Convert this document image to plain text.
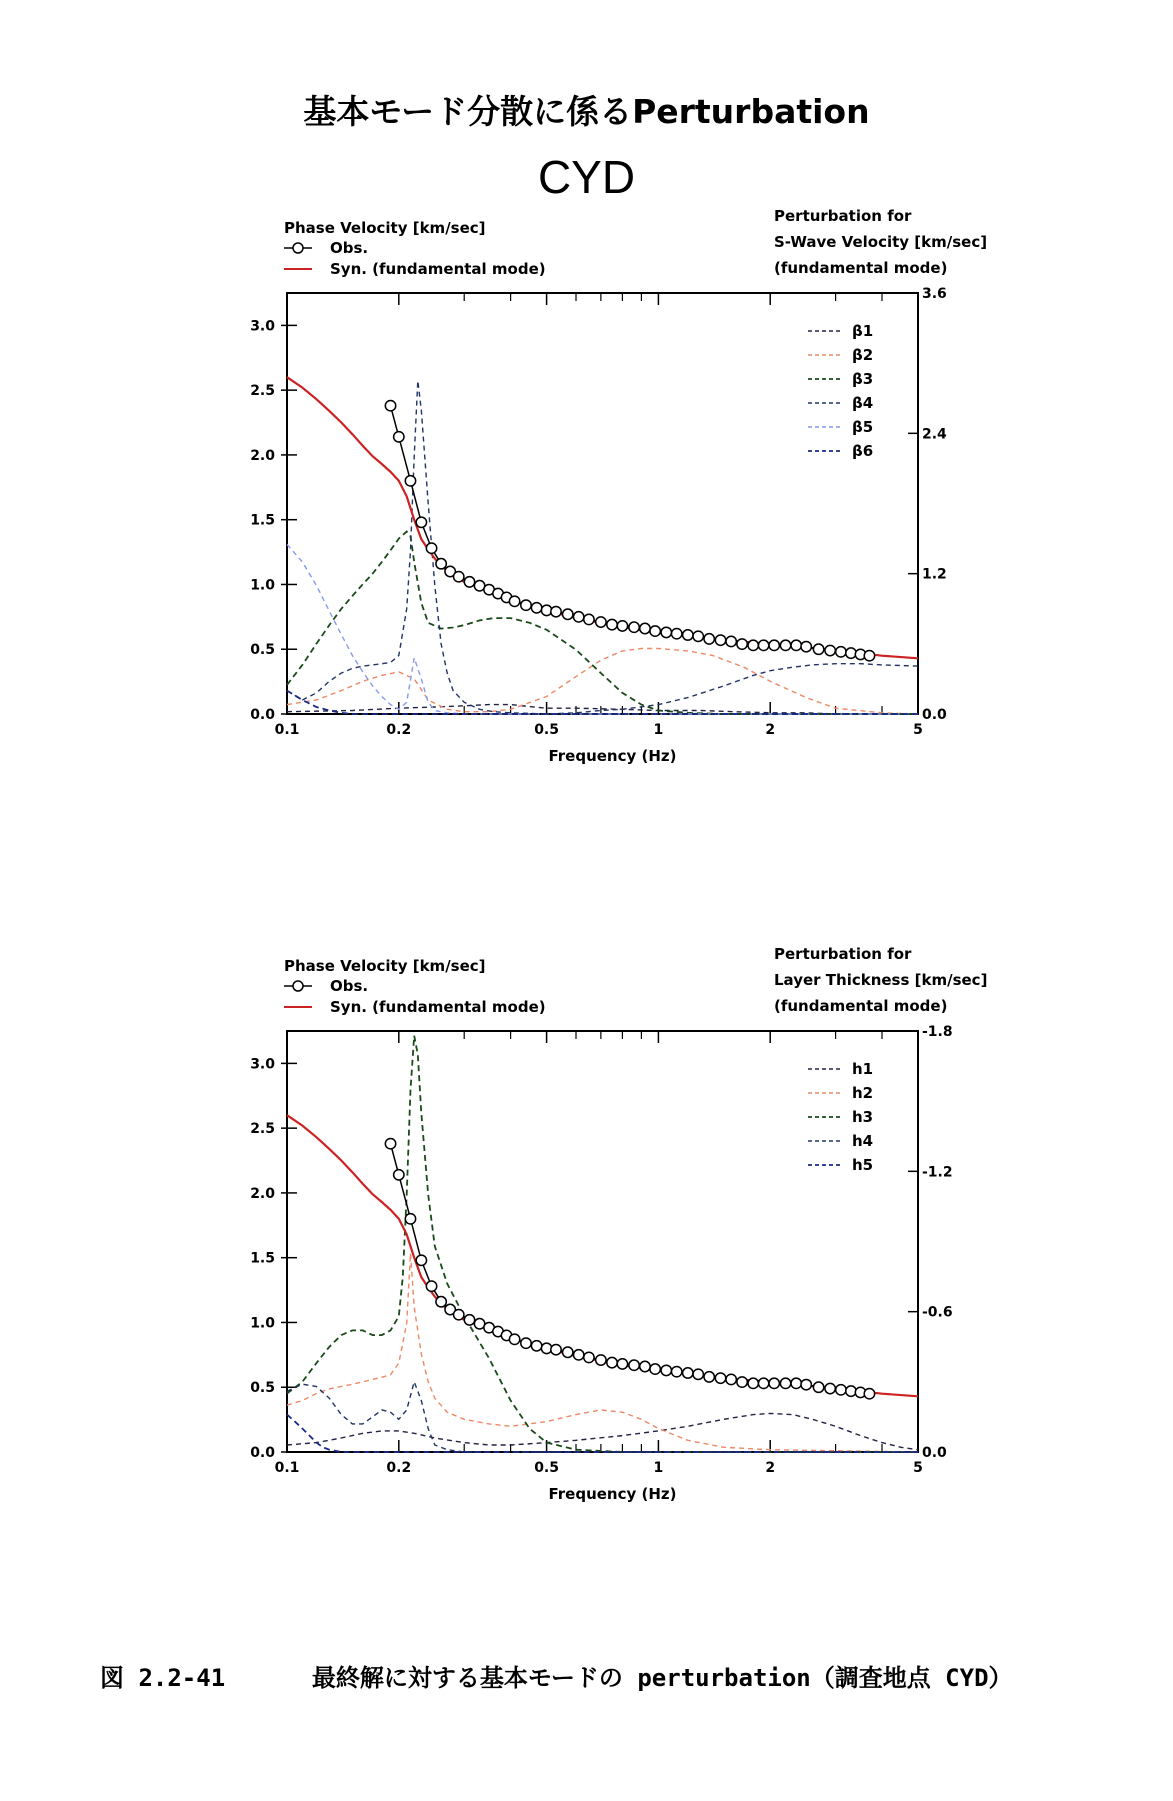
基本モード分散に係るPerturbation
CYD
Phase Velocity [km/sec]
Obs.
Syn. (fundamental mode)
Perturbation for
S-Wave Velocity [km/sec]
(fundamental mode)
0.0
0.5
1.0
1.5
2.0
2.5
3.0
0.0
1.2
2.4
3.6
0.1	0.2	0.5	1	2	5
Frequency (Hz)
β1
β2
β3
β4
β5
β6
Phase Velocity [km/sec]
Obs.
Syn. (fundamental mode)
Perturbation for
Layer Thickness [km/sec]
(fundamental mode)
0.0
0.5
1.0
1.5
2.0
2.5
3.0
0.0
-0.6
-1.2
-1.8
0.1	0.2	0.5	1	2	5
Frequency (Hz)
h1
h2
h3
h4
h5
図 2.2-41	最終解に対する基本モードの perturbation（調査地点 CYD）
